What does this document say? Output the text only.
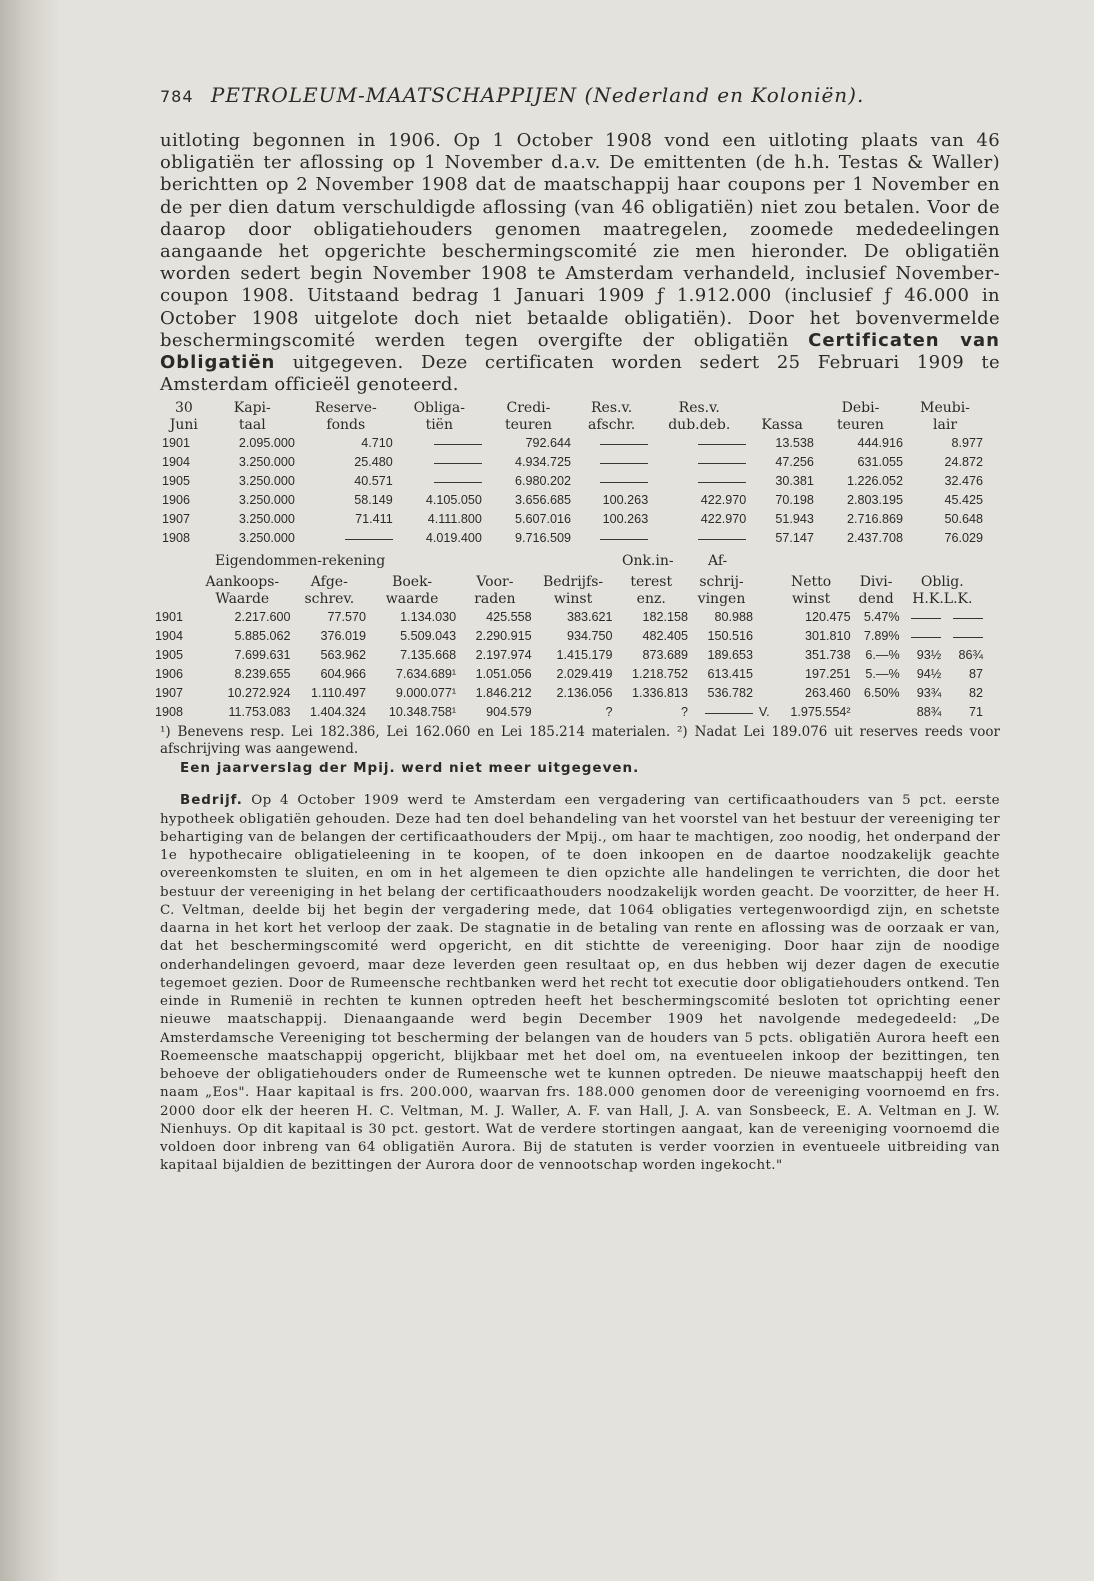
784 PETROLEUM-MAATSCHAPPIJEN (Nederland en Koloniën).
uitloting begonnen in 1906. Op 1 October 1908 vond een uitloting plaats van 46 obligatiën ter aflossing op 1 November d.a.v. De emittenten (de h.h. Testas & Waller) berichtten op 2 November 1908 dat de maatschappij haar coupons per 1 November en de per dien datum verschuldigde aflossing (van 46 obligatiën) niet zou betalen. Voor de daarop door obligatiehouders genomen maatregelen, zoomede mededeelingen aangaande het opgerichte beschermingscomité zie men hieronder. De obligatiën worden sedert begin November 1908 te Amsterdam verhandeld, inclusief November-coupon 1908. Uitstaand bedrag 1 Januari 1909 ƒ 1.912.000 (inclusief ƒ 46.000 in October 1908 uitgelote doch niet betaalde obligatiën). Door het bovenvermelde beschermingscomité werden tegen overgifte der obligatiën Certificaten van Obligatiën uitgegeven. Deze certificaten worden sedert 25 Februari 1909 te Amsterdam officieël genoteerd.
30	Kapi-	Reserve-	Obliga-	Credi-	Res.v.	Res.v.		Debi-	Meubi-
Juni	taal	fonds	tiën	teuren	afschr.	dub.deb.	Kassa	teuren	lair
1901	2.095.000	4.710		792.644			13.538	444.916	8.977
1904	3.250.000	25.480		4.934.725			47.256	631.055	24.872
1905	3.250.000	40.571		6.980.202			30.381	1.226.052	32.476
1906	3.250.000	58.149	4.105.050	3.656.685	100.263	422.970	70.198	2.803.195	45.425
1907	3.250.000	71.411	4.111.800	5.607.016	100.263	422.970	51.943	2.716.869	50.648
1908	3.250.000		4.019.400	9.716.509			57.147	2.437.708	76.029
Eigendommen-rekening	Onk.in- Af-
	Aankoops-	Afge-	Boek-	Voor-	Bedrijfs-	terest	schrij-		Netto	Divi-	Oblig.	
	Waarde	schrev.	waarde	raden	winst	enz.	vingen		winst	dend	H.K.L.K.	
1901	2.217.600	77.570	1.134.030	425.558	383.621	182.158	80.988		120.475	5.47%		
1904	5.885.062	376.019	5.509.043	2.290.915	934.750	482.405	150.516		301.810	7.89%		
1905	7.699.631	563.962	7.135.668	2.197.974	1.415.179	873.689	189.653		351.738	6.—%	93½	86¾
1906	8.239.655	604.966	7.634.689¹	1.051.056	2.029.419	1.218.752	613.415		197.251	5.—%	94½	87
1907	10.272.924	1.110.497	9.000.077¹	1.846.212	2.136.056	1.336.813	536.782		263.460	6.50%	93¾	82
1908	11.753.083	1.404.324	10.348.758¹	904.579	?	?		V.	1.975.554²		88¾	71
¹) Benevens resp. Lei 182.386, Lei 162.060 en Lei 185.214 materialen. ²) Nadat Lei 189.076 uit reserves reeds voor afschrijving was aangewend.
Een jaarverslag der Mpij. werd niet meer uitgegeven.
Bedrijf. Op 4 October 1909 werd te Amsterdam een vergadering van certificaathouders van 5 pct. eerste hypotheek obligatiën gehouden. Deze had ten doel behandeling van het voorstel van het bestuur der vereeniging ter behartiging van de belangen der certificaathouders der Mpij., om haar te machtigen, zoo noodig, het onderpand der 1e hypothecaire obligatieleening in te koopen, of te doen inkoopen en de daartoe noodzakelijk geachte overeenkomsten te sluiten, en om in het algemeen te dien opzichte alle handelingen te verrichten, die door het bestuur der vereeniging in het belang der certificaathouders noodzakelijk worden geacht. De voorzitter, de heer H. C. Veltman, deelde bij het begin der vergadering mede, dat 1064 obligaties vertegenwoordigd zijn, en schetste daarna in het kort het verloop der zaak. De stagnatie in de betaling van rente en aflossing was de oorzaak er van, dat het beschermingscomité werd opgericht, en dit stichtte de vereeniging. Door haar zijn de noodige onderhandelingen gevoerd, maar deze leverden geen resultaat op, en dus hebben wij dezer dagen de executie tegemoet gezien. Door de Rumeensche rechtbanken werd het recht tot executie door obligatiehouders ontkend. Ten einde in Rumenië in rechten te kunnen optreden heeft het beschermingscomité besloten tot oprichting eener nieuwe maatschappij. Dienaangaande werd begin December 1909 het navolgende medegedeeld: „De Amsterdamsche Vereeniging tot bescherming der belangen van de houders van 5 pcts. obligatiën Aurora heeft een Roemeensche maatschappij opgericht, blijkbaar met het doel om, na eventueelen inkoop der bezittingen, ten behoeve der obligatiehouders onder de Rumeensche wet te kunnen optreden. De nieuwe maatschappij heeft den naam „Eos". Haar kapitaal is frs. 200.000, waarvan frs. 188.000 genomen door de vereeniging voornoemd en frs. 2000 door elk der heeren H. C. Veltman, M. J. Waller, A. F. van Hall, J. A. van Sonsbeeck, E. A. Veltman en J. W. Nienhuys. Op dit kapitaal is 30 pct. gestort. Wat de verdere stortingen aangaat, kan de vereeniging voornoemd die voldoen door inbreng van 64 obligatiën Aurora. Bij de statuten is verder voorzien in eventueele uitbreiding van kapitaal bijaldien de bezittingen der Aurora door de vennootschap worden ingekocht."
